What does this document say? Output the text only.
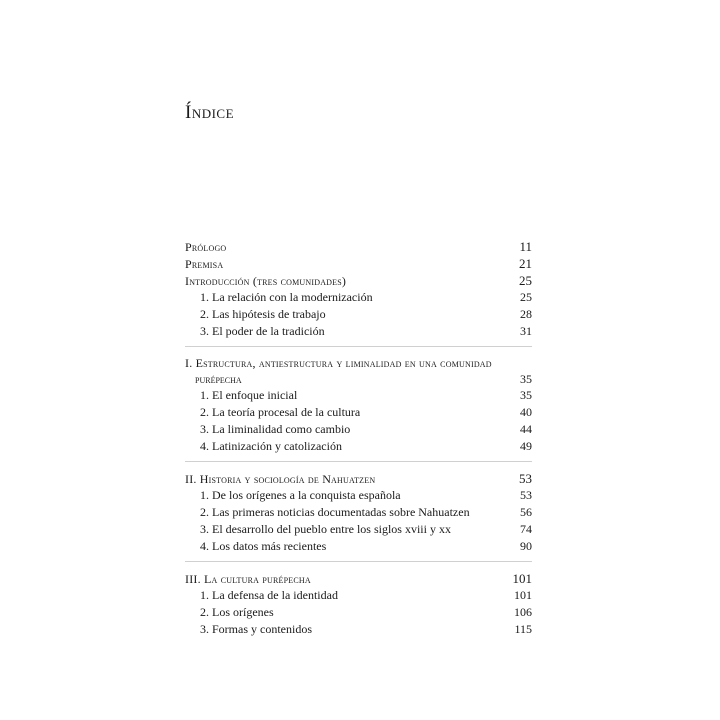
Índice
Prólogo	11
Premisa	21
Introducción (tres comunidades)	25
1. La relación con la modernización	25
2. Las hipótesis de trabajo	28
3. El poder de la tradición	31
I. Estructura, antiestructura y liminalidad en una comunidad
purépecha	35
1. El enfoque inicial	35
2. La teoría procesal de la cultura	40
3. La liminalidad como cambio	44
4. Latinización y catolización	49
II. Historia y sociología de Nahuatzen	53
1. De los orígenes a la conquista española	53
2. Las primeras noticias documentadas sobre Nahuatzen	56
3. El desarrollo del pueblo entre los siglos xviii y xx	74
4. Los datos más recientes	90
III. La cultura purépecha	101
1. La defensa de la identidad	101
2. Los orígenes	106
3. Formas y contenidos	115
